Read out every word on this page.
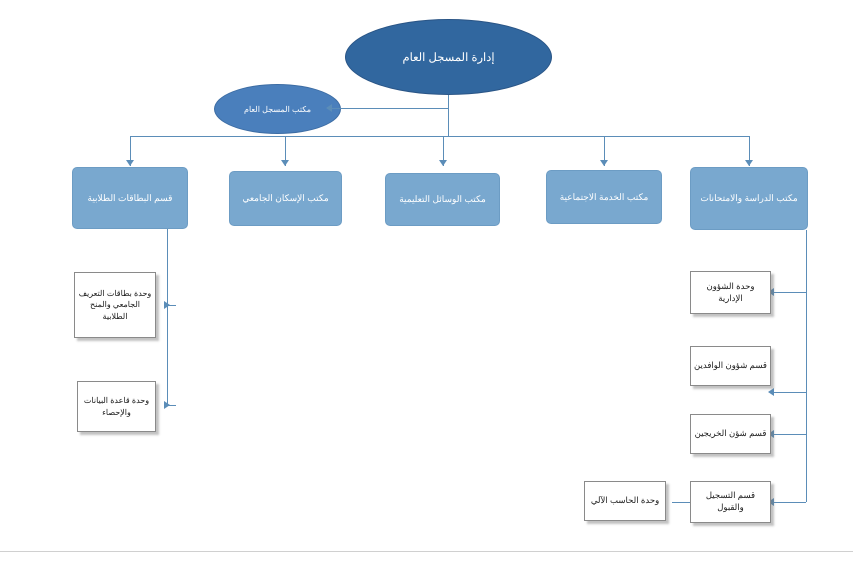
إدارة المسجل العام
مكتب المسجل العام
قسم البطاقات الطلابية	مكتب الإسكان الجامعي	مكتب الوسائل التعليمية	مكتب الخدمة الاجتماعية	مكتب الدراسة والامتحانات
وحدة بطاقات التعريف الجامعي والمنح الطلابية
وحدة قاعدة البيانات والإحصاء
وحدة الشؤون الإدارية
قسم شؤون الوافدين
قسم شؤن الخريجين
قسم التسجيل والقبول
وحدة الحاسب الآلي
